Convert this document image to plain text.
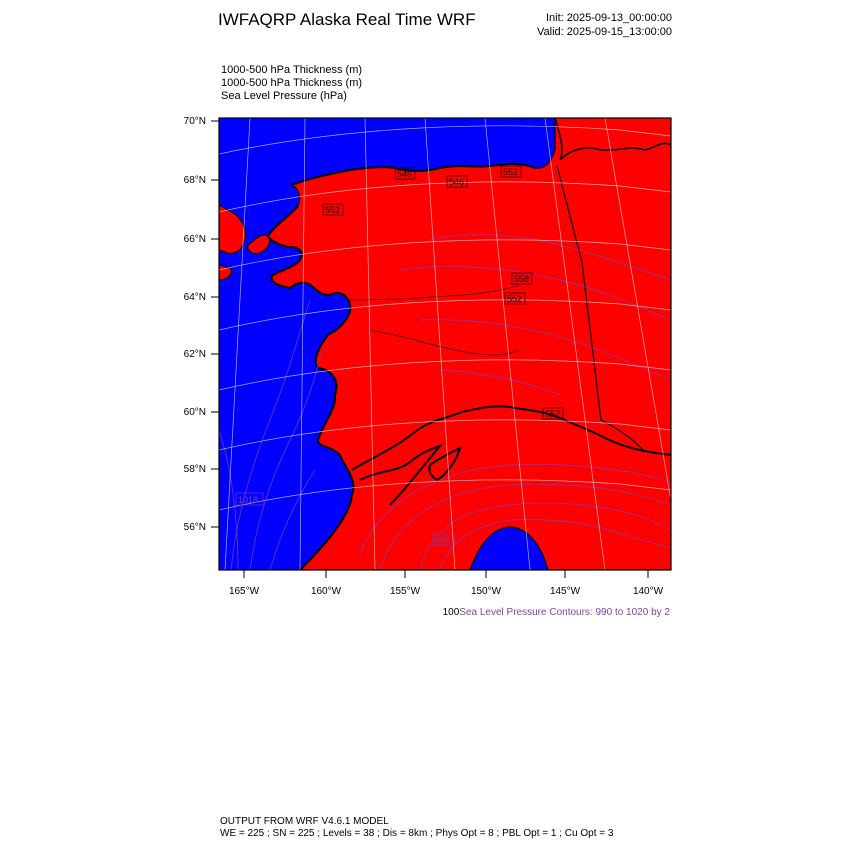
IWFAQRP Alaska Real Time WRF	Init: 2025-09-13_00:00:00
Valid: 2025-09-15_13:00:00
1000-500 hPa Thickness (m)
1000-500 hPa Thickness (m)
Sea Level Pressure (hPa)
546
552
558
552
552
552
546
1018
996
70°N
68°N
66°N
64°N
62°N
60°N
58°N
56°N
165°W	160°W	155°W	150°W	145°W	140°W
100Sea Level Pressure Contours: 990 to 1020 by 2
OUTPUT FROM WRF V4.6.1 MODEL
WE = 225 ; SN = 225 ; Levels = 38 ; Dis = 8km ; Phys Opt = 8 ; PBL Opt = 1 ; Cu Opt = 3
